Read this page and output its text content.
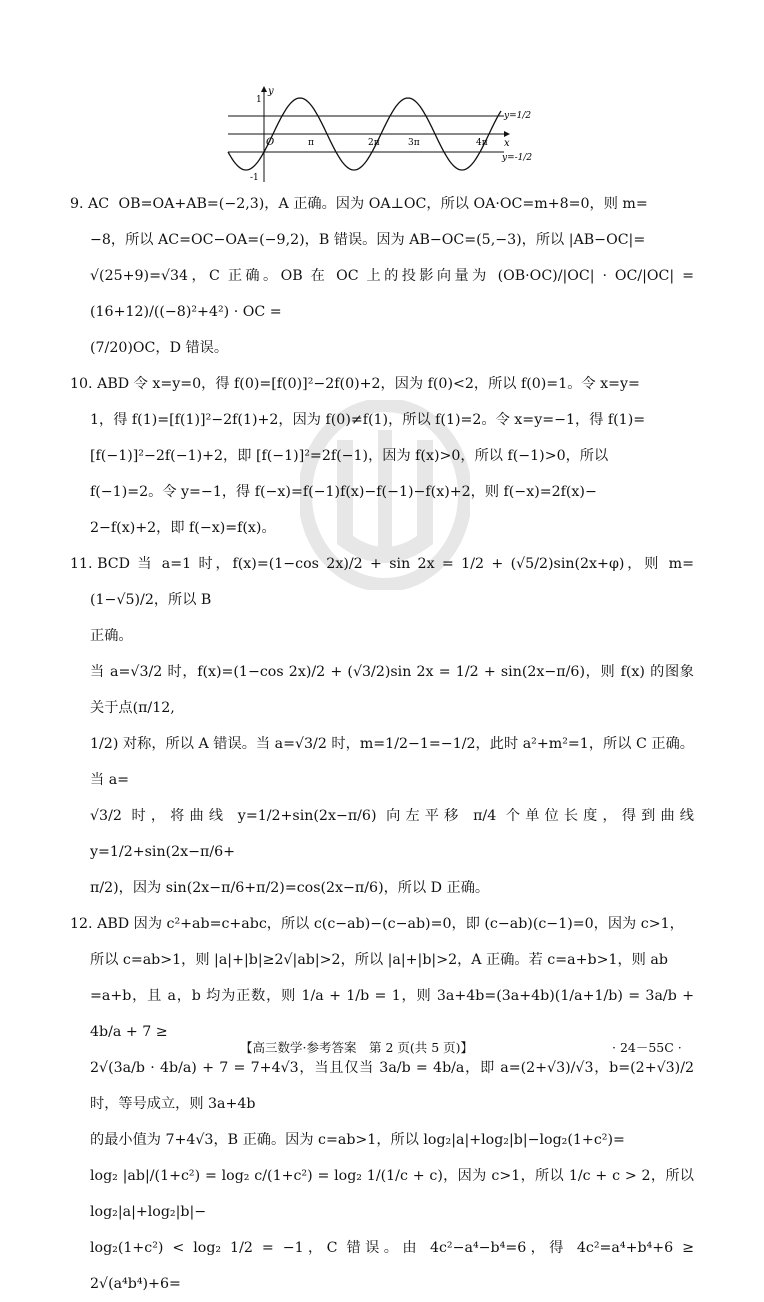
y
x
1
-1
O	π	2π	3π	4π
y=1/2
y=-1/2

9. AC OB=OA+AB=(−2,3)，A 正确。因为 OA⊥OC，所以 OA·OC=m+8=0，则 m=

−8，所以 AC=OC−OA=(−9,2)，B 错误。因为 AB−OC=(5,−3)，所以 |AB−OC|=

√(25+9)=√34，C 正确。OB 在 OC 上的投影向量为 (OB·OC)/|OC| · OC/|OC| = (16+12)/((−8)²+4²) · OC =

(7/20)OC，D 错误。

10. ABD 令 x=y=0，得 f(0)=[f(0)]²−2f(0)+2，因为 f(0)<2，所以 f(0)=1。令 x=y=

1，得 f(1)=[f(1)]²−2f(1)+2，因为 f(0)≠f(1)，所以 f(1)=2。令 x=y=−1，得 f(1)=

[f(−1)]²−2f(−1)+2，即 [f(−1)]²=2f(−1)，因为 f(x)>0，所以 f(−1)>0，所以

f(−1)=2。令 y=−1，得 f(−x)=f(−1)f(x)−f(−1)−f(x)+2，则 f(−x)=2f(x)−

2−f(x)+2，即 f(−x)=f(x)。

11. BCD 当 a=1 时，f(x)=(1−cos 2x)/2 + sin 2x = 1/2 + (√5/2)sin(2x+φ)，则 m=(1−√5)/2，所以 B

正确。

当 a=√3/2 时，f(x)=(1−cos 2x)/2 + (√3/2)sin 2x = 1/2 + sin(2x−π/6)，则 f(x) 的图象关于点(π/12,

1/2) 对称，所以 A 错误。当 a=√3/2 时，m=1/2−1=−1/2，此时 a²+m²=1，所以 C 正确。当 a=

√3/2 时，将曲线 y=1/2+sin(2x−π/6) 向左平移 π/4 个单位长度，得到曲线 y=1/2+sin(2x−π/6+

π/2)，因为 sin(2x−π/6+π/2)=cos(2x−π/6)，所以 D 正确。

12. ABD 因为 c²+ab=c+abc，所以 c(c−ab)−(c−ab)=0，即 (c−ab)(c−1)=0，因为 c>1，

所以 c=ab>1，则 |a|+|b|≥2√|ab|>2，所以 |a|+|b|>2，A 正确。若 c=a+b>1，则 ab

=a+b，且 a，b 均为正数，则 1/a + 1/b = 1，则 3a+4b=(3a+4b)(1/a+1/b) = 3a/b + 4b/a + 7 ≥

2√(3a/b · 4b/a) + 7 = 7+4√3，当且仅当 3a/b = 4b/a，即 a=(2+√3)/√3，b=(2+√3)/2 时，等号成立，则 3a+4b

的最小值为 7+4√3，B 正确。因为 c=ab>1，所以 log₂|a|+log₂|b|−log₂(1+c²)=

log₂ |ab|/(1+c²) = log₂ c/(1+c²) = log₂ 1/(1/c + c)，因为 c>1，所以 1/c + c > 2，所以 log₂|a|+log₂|b|−

log₂(1+c²) < log₂ 1/2 = −1，C 错误。由 4c²−a⁴−b⁴=6，得 4c²=a⁴+b⁴+6 ≥ 2√(a⁴b⁴)+6=

【高三数学·参考答案　第 2 页(共 5 页)】	· 24－55C ·
